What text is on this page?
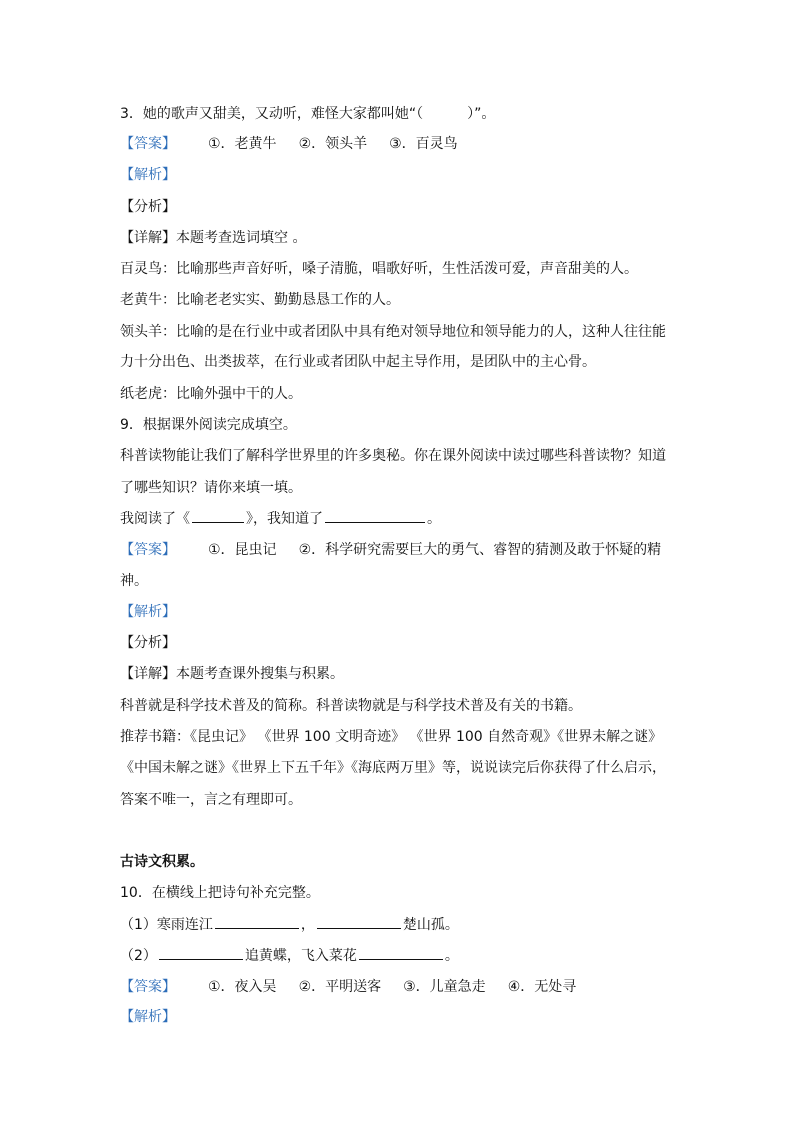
3．她的歌声又甜美，又动听，难怪大家都叫她“（	）”。
【答案】 ①．老黄牛 ②．领头羊 ③．百灵鸟
【解析】
【分析】
【详解】本题考查选词填空 。
百灵鸟：比喻那些声音好听，嗓子清脆，唱歌好听，生性活泼可爱，声音甜美的人。
老黄牛：比喻老老实实、勤勤恳恳工作的人。
领头羊：比喻的是在行业中或者团队中具有绝对领导地位和领导能力的人，这种人往往能
力十分出色、出类拔萃，在行业或者团队中起主导作用，是团队中的主心骨。
纸老虎：比喻外强中干的人。
9．根据课外阅读完成填空。
科普读物能让我们了解科学世界里的许多奥秘。你在课外阅读中读过哪些科普读物？知道
了哪些知识？请你来填一填。
我阅读了《	》，我知道了	。
【答案】 ①．昆虫记 ②．科学研究需要巨大的勇气、睿智的猜测及敢于怀疑的精
神。
【解析】
【分析】
【详解】本题考查课外搜集与积累。
科普就是科学技术普及的简称。科普读物就是与科学技术普及有关的书籍。
推荐书籍：《昆虫记》 《世界 100 文明奇迹》 《世界 100 自然奇观》《世界未解之谜》
《中国未解之谜》《世界上下五千年》《海底两万里》等，说说读完后你获得了什么启示，
答案不唯一，言之有理即可。
古诗文积累。
10．在横线上把诗句补充完整。
（1）寒雨连江	，	楚山孤。
（2）	追黄蝶，飞入菜花	。
【答案】 ①．夜入吴 ②．平明送客 ③．儿童急走 ④．无处寻
【解析】
